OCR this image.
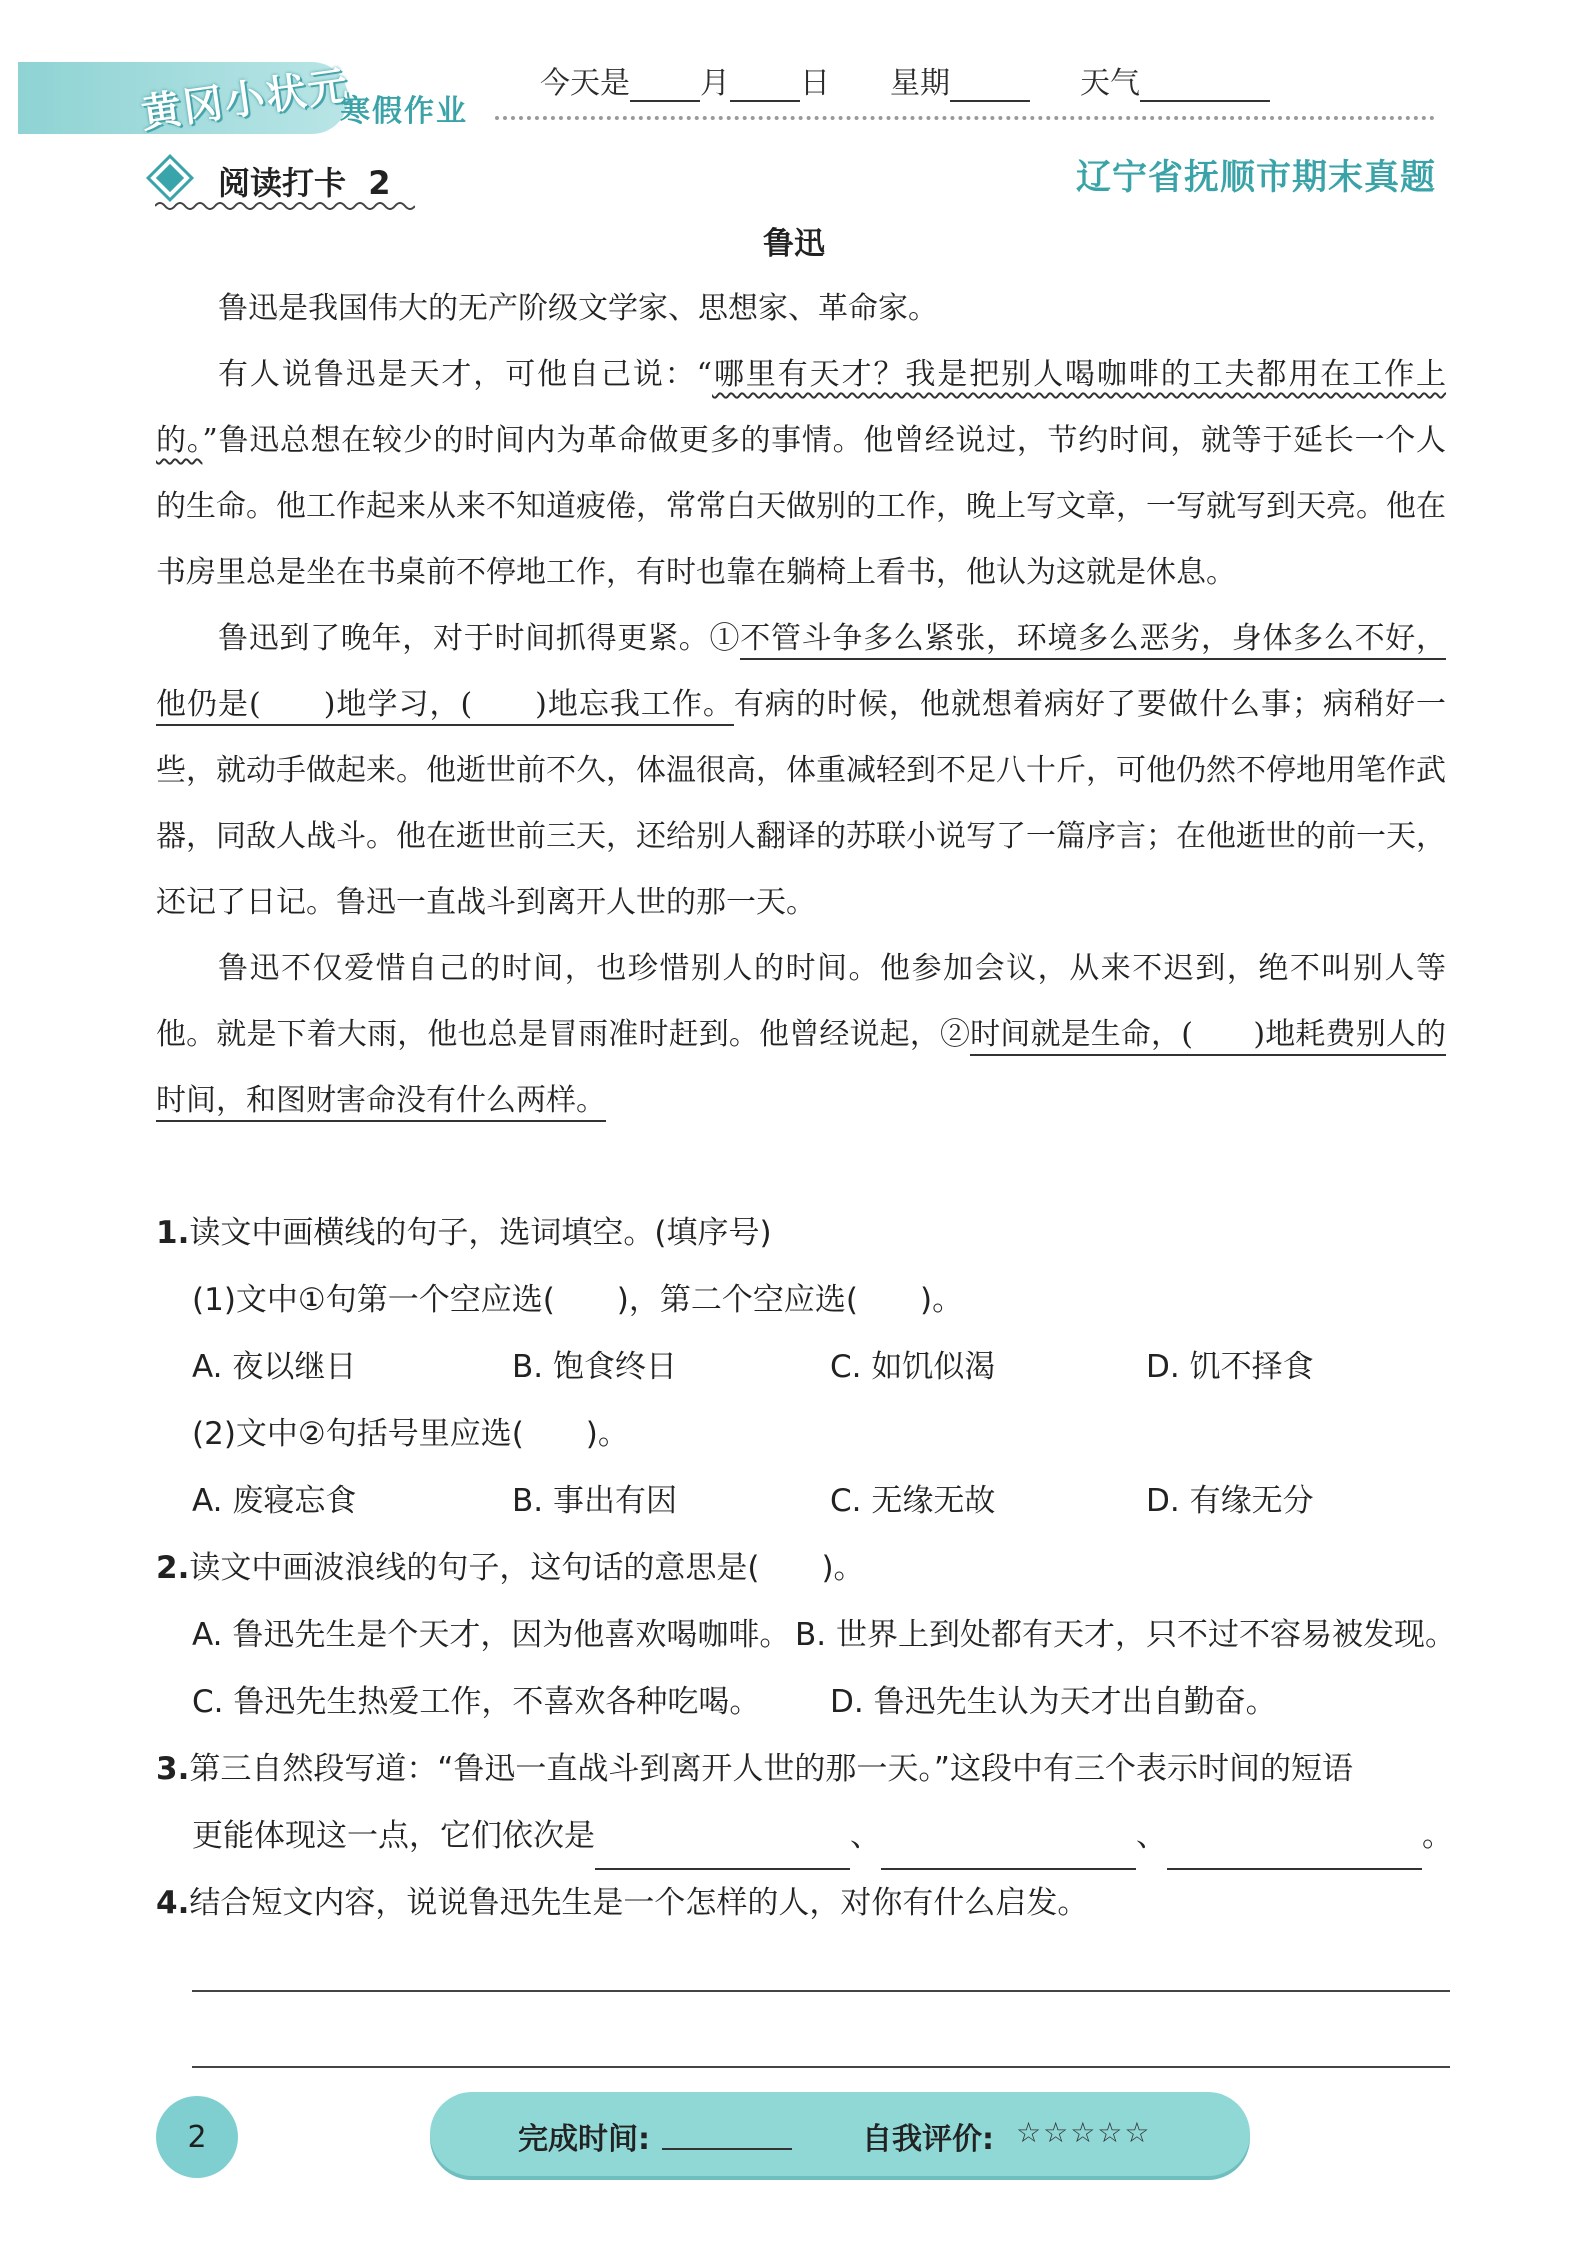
黄冈小状元
寒假作业
今天是 月 日 星期	天气
阅读打卡  2	辽宁省抚顺市期末真题
鲁迅

鲁迅是我国伟大的无产阶级文学家、思想家、革命家。

有人说鲁迅是天才，可他自己说：“哪里有天才？我是把别人喝咖啡的工夫都用在工作上的。”鲁迅总想在较少的时间内为革命做更多的事情。他曾经说过，节约时间，就等于延长一个人的生命。他工作起来从来不知道疲倦，常常白天做别的工作，晚上写文章，一写就写到天亮。他在书房里总是坐在书桌前不停地工作，有时也靠在躺椅上看书，他认为这就是休息。

鲁迅到了晚年，对于时间抓得更紧。①不管斗争多么紧张，环境多么恶劣，身体多么不好，他仍是(　　)地学习，(　　)地忘我工作。有病的时候，他就想着病好了要做什么事；病稍好一些，就动手做起来。他逝世前不久，体温很高，体重减轻到不足八十斤，可他仍然不停地用笔作武器，同敌人战斗。他在逝世前三天，还给别人翻译的苏联小说写了一篇序言；在他逝世的前一天，还记了日记。鲁迅一直战斗到离开人世的那一天。

鲁迅不仅爱惜自己的时间，也珍惜别人的时间。他参加会议，从来不迟到，绝不叫别人等他。就是下着大雨，他也总是冒雨准时赶到。他曾经说起，②时间就是生命，(　　)地耗费别人的时间，和图财害命没有什么两样。

1.读文中画横线的句子，选词填空。(填序号)

(1)文中①句第一个空应选(　　)，第二个空应选(　　)。

A. 夜以继日	B. 饱食终日	C. 如饥似渴	D. 饥不择食

(2)文中②句括号里应选(　　)。

A. 废寝忘食	B. 事出有因	C. 无缘无故	D. 有缘无分

2.读文中画波浪线的句子，这句话的意思是(　　)。

A. 鲁迅先生是个天才，因为他喜欢喝咖啡。 B. 世界上到处都有天才，只不过不容易被发现。
C. 鲁迅先生热爱工作，不喜欢各种吃喝。	D. 鲁迅先生认为天才出自勤奋。

3.第三自然段写道：“鲁迅一直战斗到离开人世的那一天。”这段中有三个表示时间的短语

更能体现这一点，它们依次是	、	、	。

4.结合短文内容，说说鲁迅先生是一个怎样的人，对你有什么启发。

2	完成时间:	自我评价: ☆☆☆☆☆
